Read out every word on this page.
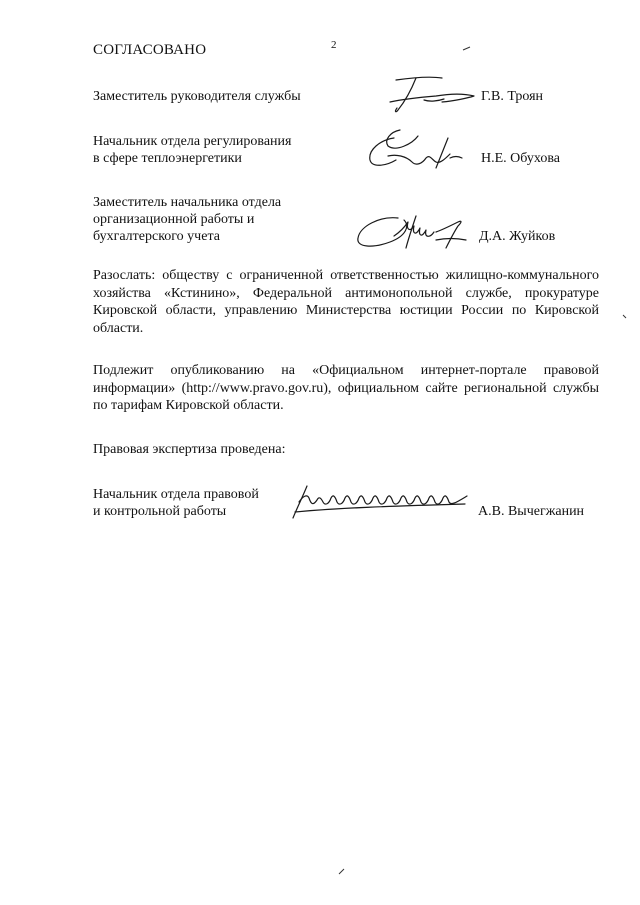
2
СОГЛАСОВАНО
Заместитель руководителя службы	Г.В. Троян
Начальник отдела регулирования
в сфере теплоэнергетики	Н.Е. Обухова
Заместитель начальника отдела
организационной работы и
бухгалтерского учета	Д.А. Жуйков
Разослать: обществу с ограниченной ответственностью жилищно-коммунального хозяйства «Кстинино», Федеральной антимонопольной службе, прокуратуре Кировской области, управлению Министерства юстиции России по Кировской области.
Подлежит опубликованию на «Официальном интернет-портале правовой информации» (http://www.pravo.gov.ru), официальном сайте региональной службы по тарифам Кировской области.
Правовая экспертиза проведена:
Начальник отдела правовой
и контрольной работы	А.В. Вычегжанин
